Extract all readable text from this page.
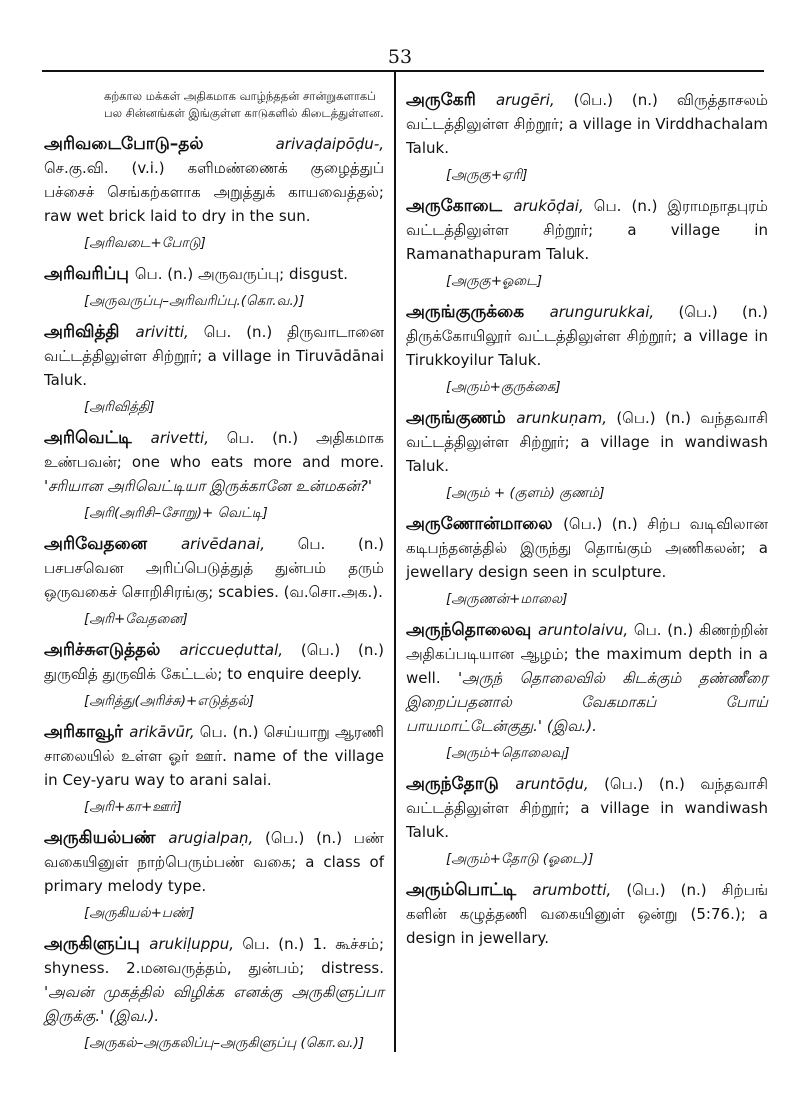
53
கற்கால மக்கள் அதிகமாக வாழ்ந்ததன் சான்றுகளாகப் பல சின்னங்கள் இங்குள்ள காடுகளில் கிடைத்துள்ளன.
அரிவடைபோடு–தல் arivaḍaipōḍu-, செ.கு.வி. (v.i.) களிமண்ணைக் குழைத்துப் பச்சைச் செங்கற்களாக அறுத்துக் காயவைத்தல்; raw wet brick laid to dry in the sun.
[அரிவடை+போடு]
அரிவரிப்பு பெ. (n.) அருவருப்பு; disgust.
[அருவருப்பு–அரிவரிப்பு.(கொ.வ.)]
அரிவித்தி arivitti, பெ. (n.) திருவாடானை வட்டத்திலுள்ள சிற்றூர்; a village in Tiruvādānai Taluk.
[அரிவித்தி]
அரிவெட்டி arivetti, பெ. (n.) அதிகமாக உண்பவன்; one who eats more and more. 'சரியான அரிவெட்டியா இருக்கானே உன்மகன்?'
[அரி(அரிசி–சோறு)+ வெட்டி]
அரிவேதனை arivēdanai, பெ. (n.) பசபசவென அரிப்பெடுத்துத் துன்பம் தரும் ஒருவகைச் சொறிசிரங்கு; scabies. (வ.சொ.அக.).
[அரி+வேதனை]
அரிச்சுஎடுத்தல் ariccueḍuttal, (பெ.) (n.) துருவித் துருவிக் கேட்டல்; to enquire deeply.
[அரித்து(அரிச்சு)+எடுத்தல்]
அரிகாவூர் arikāvūr, பெ. (n.) செய்யாறு ஆரணி சாலையில் உள்ள ஓர் ஊர். name of the village in Cey-yaru way to arani salai.
[அரி+கா+ஊர்]
அருகியல்பண் arugialpaṇ, (பெ.) (n.) பண் வகையினுள் நாற்பெரும்பண் வகை; a class of primary melody type.
[அருகியல்+பண்]
அருகிளுப்பு arukiḷuppu, பெ. (n.) 1. கூச்சம்; shyness. 2.மனவருத்தம், துன்பம்; distress. 'அவன் முகத்தில் விழிக்க எனக்கு அருகிளுப்பா இருக்கு.' (இவ.).
[அருகல்–அருகலிப்பு–அருகிளுப்பு (கொ.வ.)]
அருகேரி arugēri, (பெ.) (n.) விருத்தாசலம் வட்டத்திலுள்ள சிற்றூர்; a village in Virddhachalam Taluk.
[அருகு+ஏரி]
அருகோடை arukōḍai, பெ. (n.) இராமநாதபுரம் வட்டத்திலுள்ள சிற்றூர்; a village in Ramanathapuram Taluk.
[அருகு+ஓடை]
அருங்குருக்கை arungurukkai, (பெ.) (n.) திருக்கோயிலூர் வட்டத்திலுள்ள சிற்றூர்; a village in Tirukkoyilur Taluk.
[அரும்+குருக்கை]
அருங்குணம் arunkuṇam, (பெ.) (n.) வந்தவாசி வட்டத்திலுள்ள சிற்றூர்; a village in wandiwash Taluk.
[அரும் + (குளம்) குணம்]
அருணோன்மாலை (பெ.) (n.) சிற்ப வடிவிலான கடிபந்தனத்தில் இருந்து தொங்கும் அணிகலன்; a jewellary design seen in sculpture.
[அருணன்+மாலை]
அருந்தொலைவு aruntolaivu, பெ. (n.) கிணற்றின் அதிகப்படியான ஆழம்; the maximum depth in a well. 'அருந் தொலைவில் கிடக்கும் தண்ணீரை இறைப்பதனால் வேகமாகப் போய் பாயமாட்டேன்குது.' (இவ.).
[அரும்+தொலைவு]
அருந்தோடு aruntōḍu, (பெ.) (n.) வந்தவாசி வட்டத்திலுள்ள சிற்றூர்; a village in wandiwash Taluk.
[அரும்+தோடு (ஓடை)]
அரும்பொட்டி arumbotti, (பெ.) (n.) சிற்பங் களின் கழுத்தணி வகையினுள் ஒன்று (5:76.); a design in jewellary.
